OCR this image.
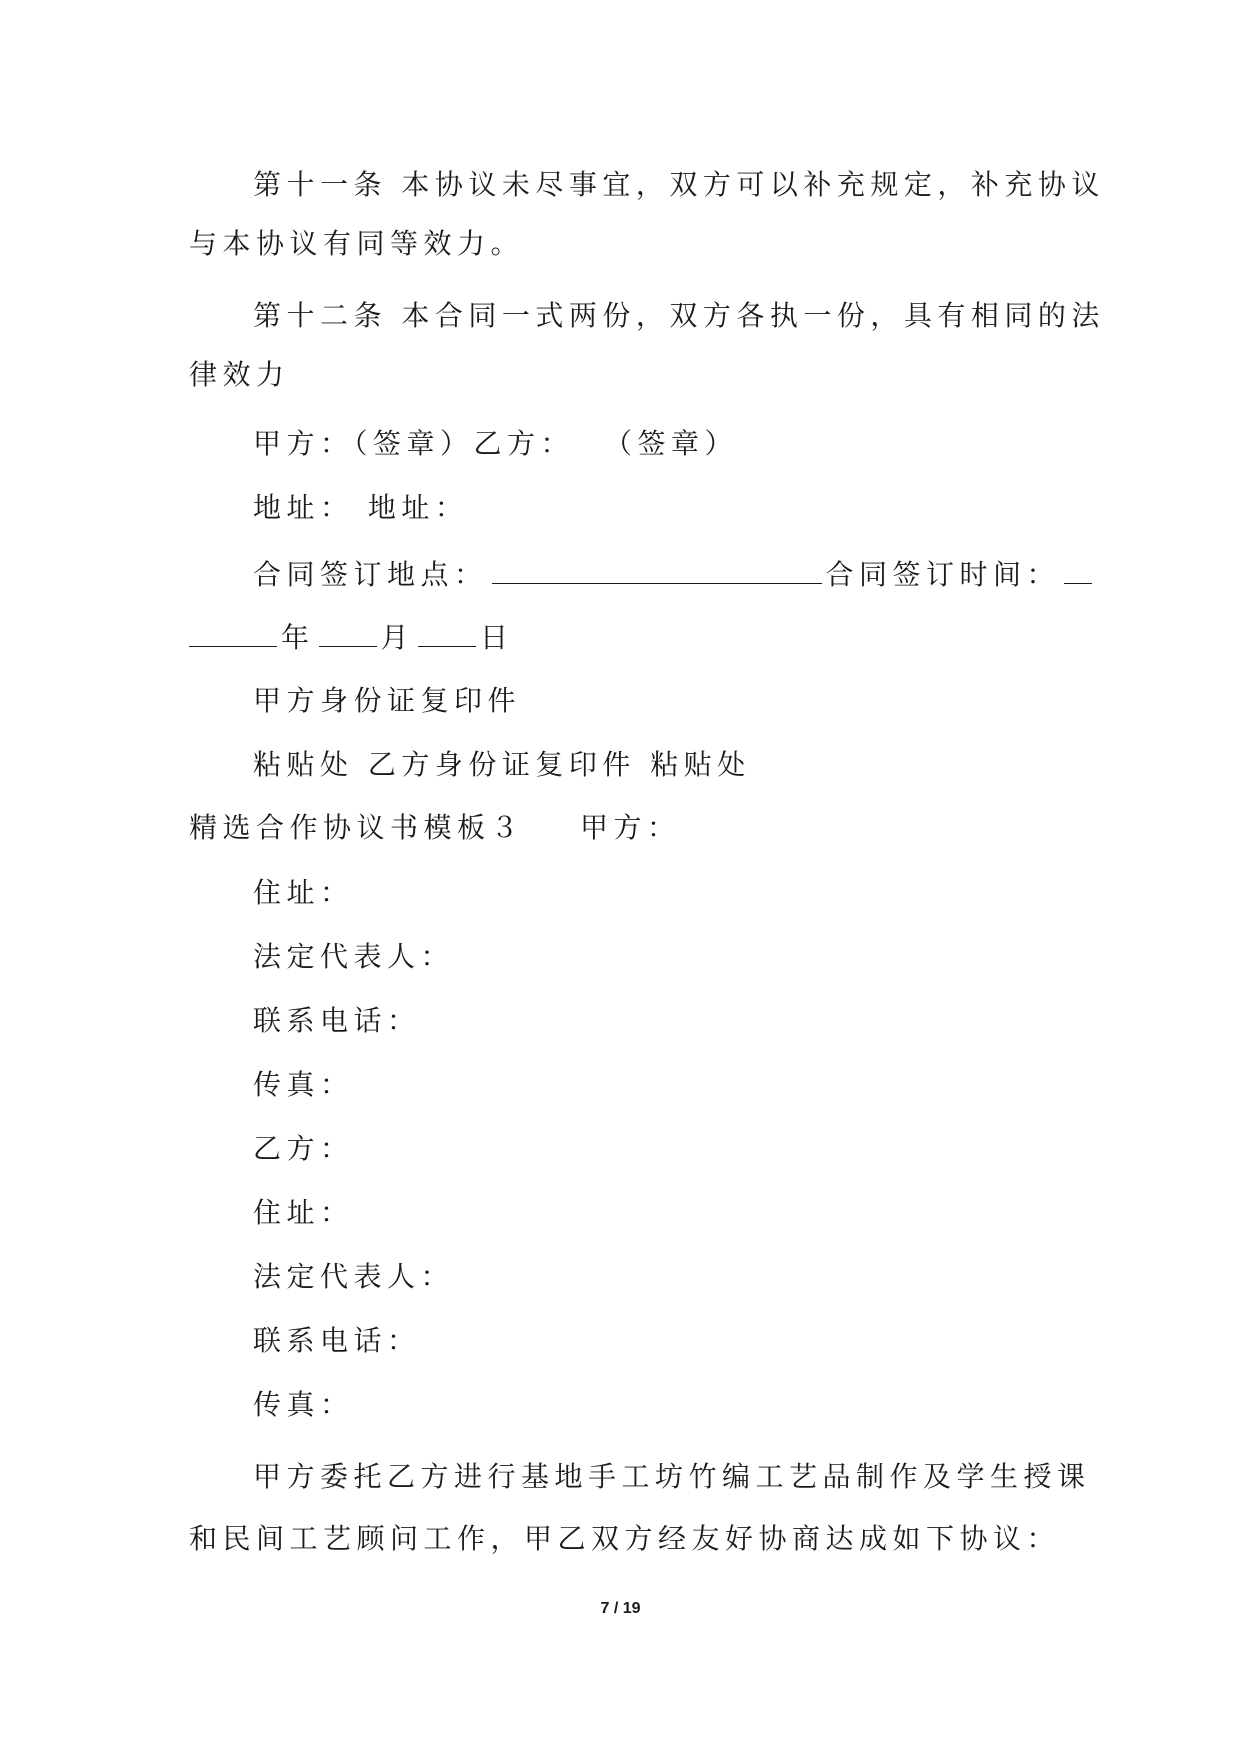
第十一条 本协议未尽事宜，双方可以补充规定，补充协议
与本协议有同等效力。
第十二条 本合同一式两份，双方各执一份，具有相同的法
律效力
甲方：（签章）乙方： （签章）
地址： 地址：
合同签订地点：	合同签订时间：
年 月 日
甲方身份证复印件
粘贴处 乙方身份证复印件 粘贴处
精选合作协议书模板３ 甲方：
住址：
法定代表人：
联系电话：
传真：
乙方：
住址：
法定代表人：
联系电话：
传真：
甲方委托乙方进行基地手工坊竹编工艺品制作及学生授课
和民间工艺顾问工作，甲乙双方经友好协商达成如下协议：
7 / 19
